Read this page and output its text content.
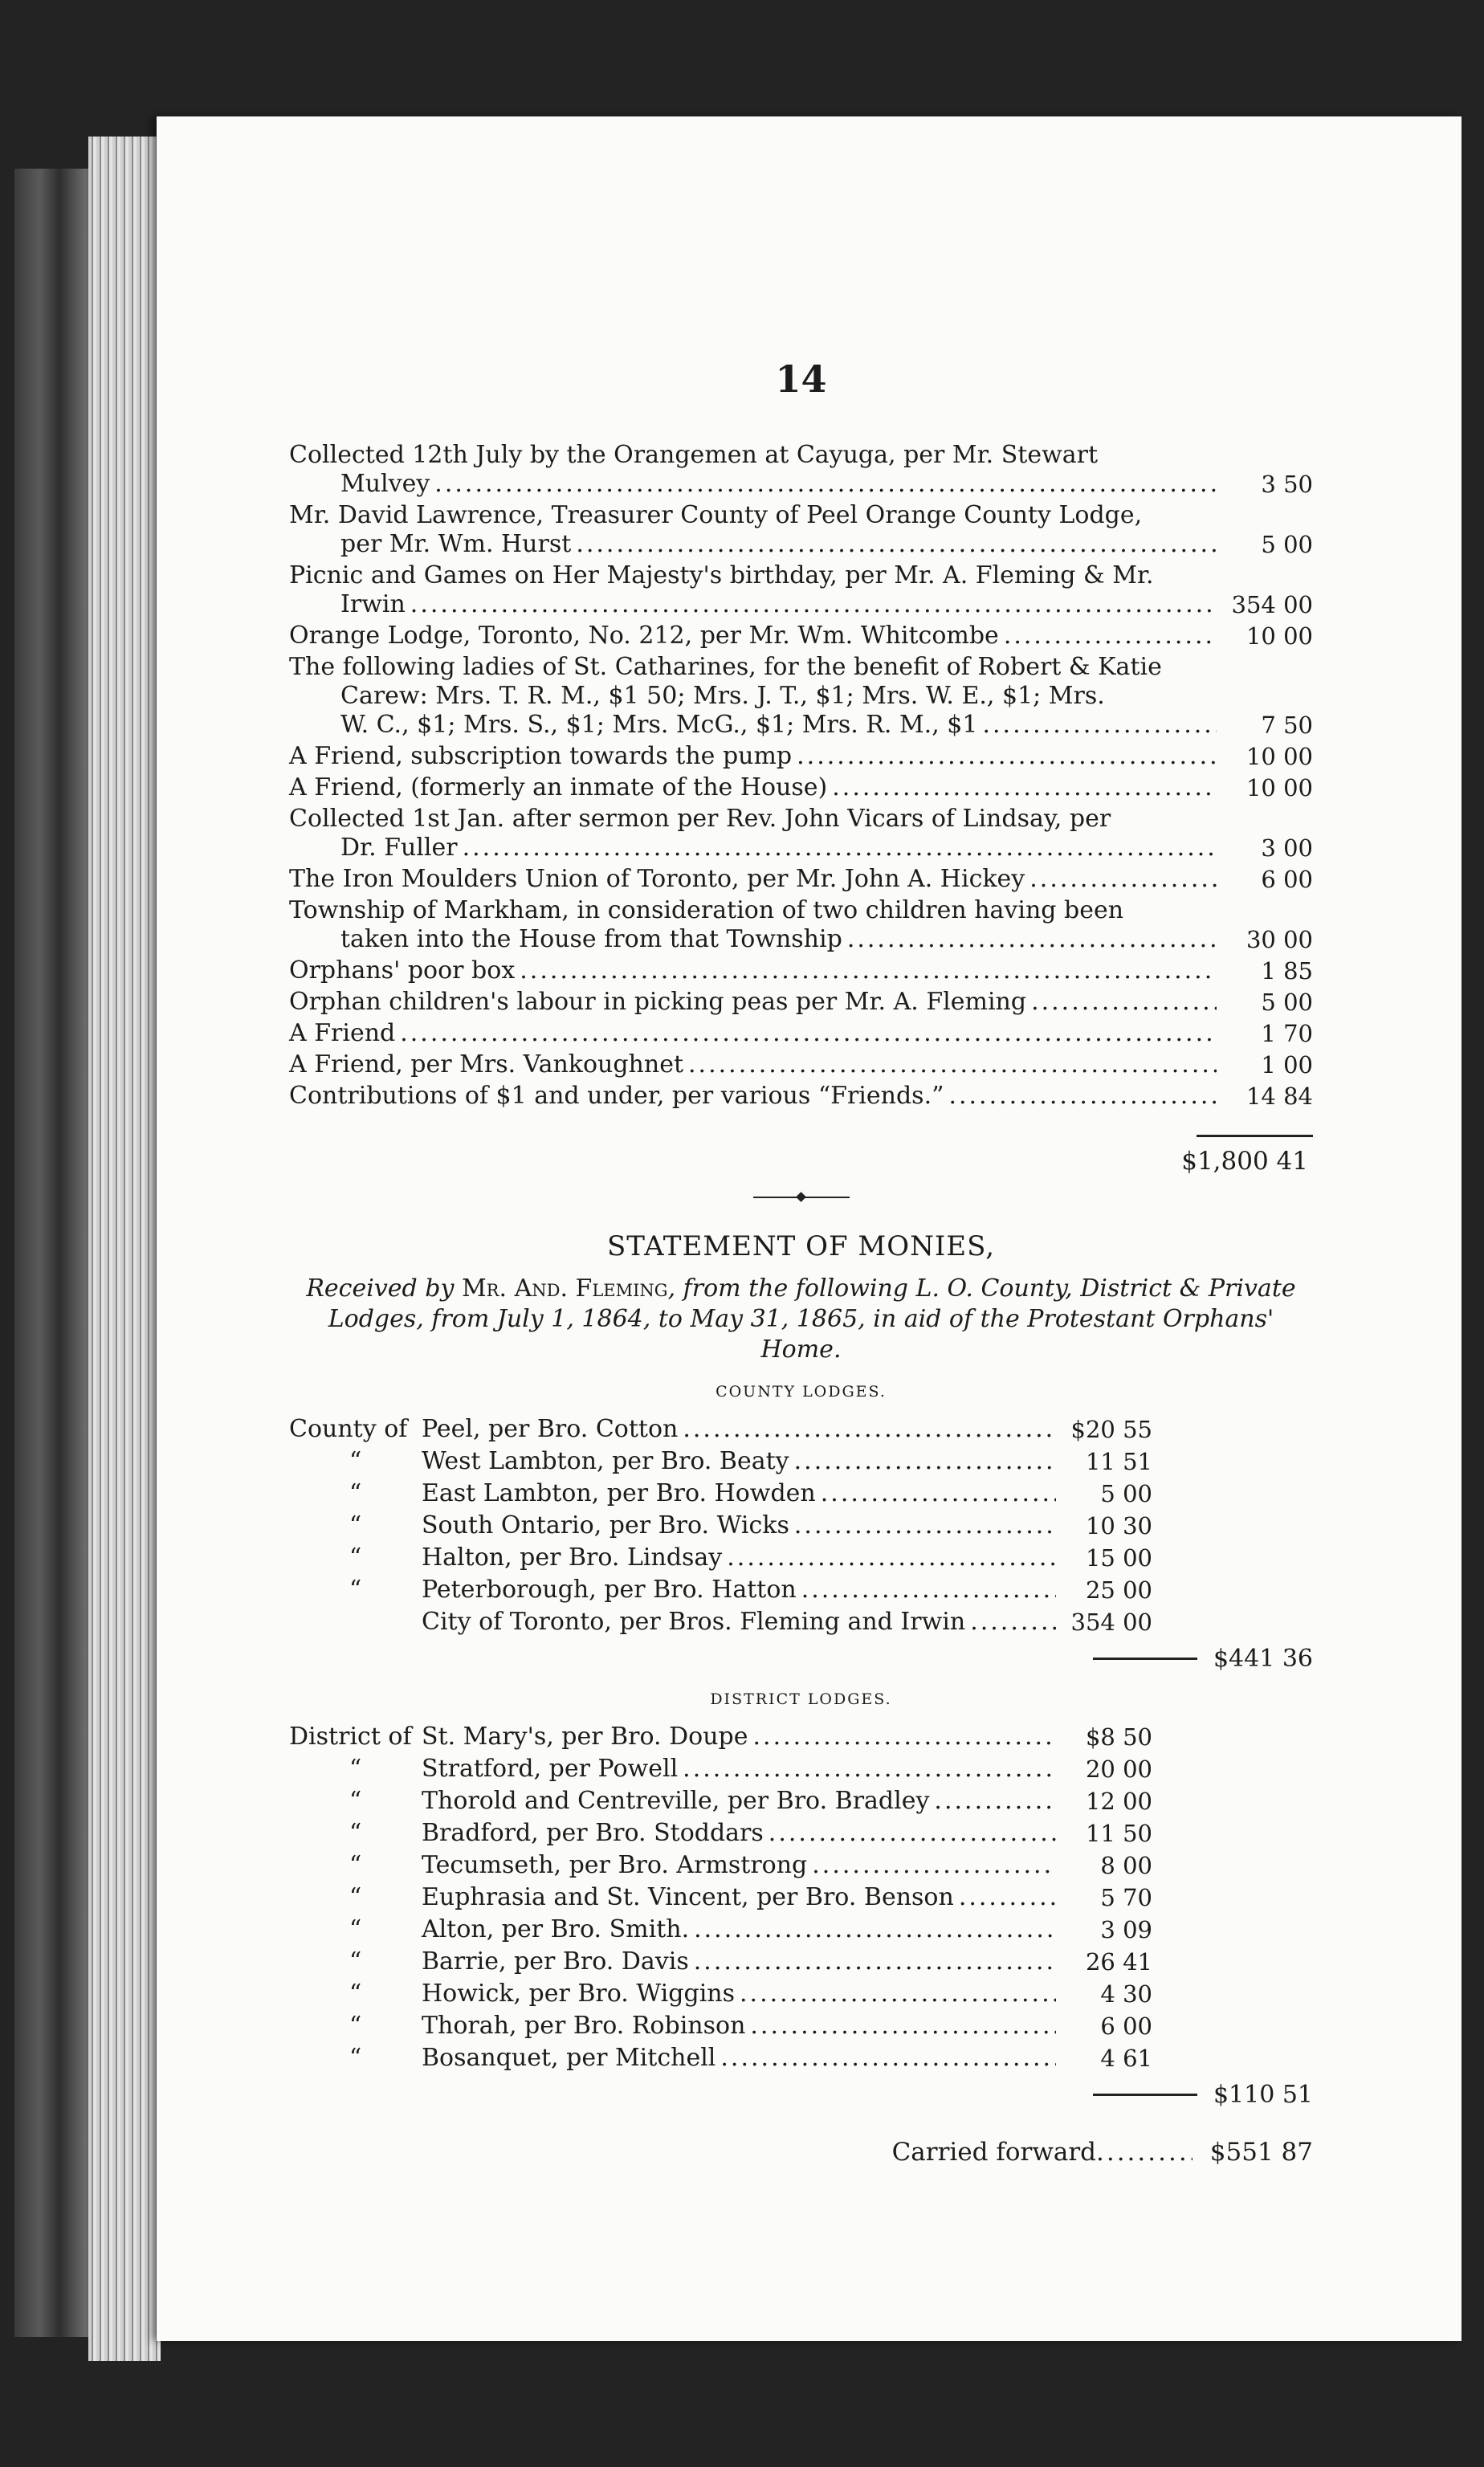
14
Collected 12th July by the Orangemen at Cayuga, per Mr. Stewart
Mulvey .....	3 50
Mr. David Lawrence, Treasurer County of Peel Orange County Lodge,
per Mr. Wm. Hurst .....	5 00
Picnic and Games on Her Majesty's birthday, per Mr. A. Fleming & Mr.
Irwin .....	354 00
Orange Lodge, Toronto, No. 212, per Mr. Wm. Whitcombe .....	10 00
The following ladies of St. Catharines, for the benefit of Robert & Katie
Carew: Mrs. T. R. M., $1 50; Mrs. J. T., $1; Mrs. W. E., $1; Mrs.
W. C., $1; Mrs. S., $1; Mrs. McG., $1; Mrs. R. M., $1 .....	7 50
A Friend, subscription towards the pump .....	10 00
A Friend, (formerly an inmate of the House) .....	10 00
Collected 1st Jan. after sermon per Rev. John Vicars of Lindsay, per
Dr. Fuller .....	3 00
The Iron Moulders Union of Toronto, per Mr. John A. Hickey .....	6 00
Township of Markham, in consideration of two children having been
taken into the House from that Township .....	30 00
Orphans' poor box .....	1 85
Orphan children's labour in picking peas per Mr. A. Fleming .....	5 00
A Friend .....	1 70
A Friend, per Mrs. Vankoughnet .....	1 00
Contributions of $1 and under, per various “Friends.” .....	14 84
$1,800 41
STATEMENT OF MONIES,
Received by Mr. And. Fleming, from the following L. O. County, District & Private
Lodges, from July 1, 1864, to May 31, 1865, in aid of the Protestant Orphans' Home.
COUNTY LODGES.
County of Peel, per Bro. Cotton .....	$20 55
“	West Lambton, per Bro. Beaty .....	11 51
“	East Lambton, per Bro. Howden .....	5 00
“	South Ontario, per Bro. Wicks .....	10 30
“	Halton, per Bro. Lindsay .....	15 00
“	Peterborough, per Bro. Hatton .....	25 00
City of Toronto, per Bros. Fleming and Irwin .....	354 00
$441 36
DISTRICT LODGES.
District of St. Mary's, per Bro. Doupe .....	$8 50
“	Stratford, per Powell .....	20 00
“	Thorold and Centreville, per Bro. Bradley .....	12 00
“	Bradford, per Bro. Stoddars .....	11 50
“	Tecumseth, per Bro. Armstrong .....	8 00
“	Euphrasia and St. Vincent, per Bro. Benson .....	5 70
“	Alton, per Bro. Smith. .....	3 09
“	Barrie, per Bro. Davis .....	26 41
“	Howick, per Bro. Wiggins .....	4 30
“	Thorah, per Bro. Robinson .....	6 00
“	Bosanquet, per Mitchell .....	4 61
$110 51
Carried forward .....	$551 87
